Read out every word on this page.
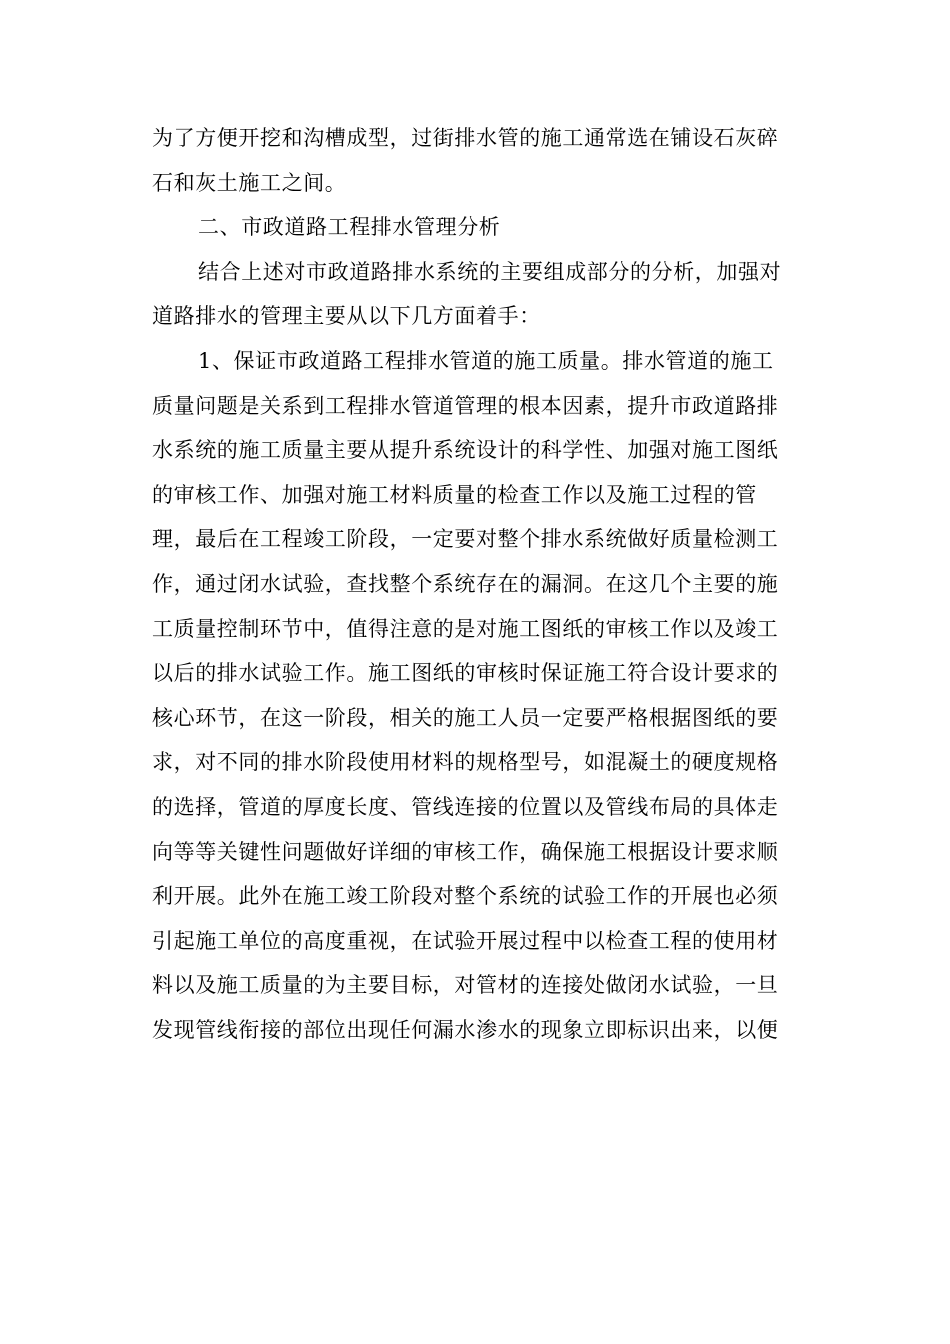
为了方便开挖和沟槽成型，过街排水管的施工通常选在铺设石灰碎
石和灰土施工之间。
二、市政道路工程排水管理分析
结合上述对市政道路排水系统的主要组成部分的分析，加强对
道路排水的管理主要从以下几方面着手：
1、保证市政道路工程排水管道的施工质量。排水管道的施工
质量问题是关系到工程排水管道管理的根本因素，提升市政道路排
水系统的施工质量主要从提升系统设计的科学性、加强对施工图纸
的审核工作、加强对施工材料质量的检查工作以及施工过程的管
理，最后在工程竣工阶段，一定要对整个排水系统做好质量检测工
作，通过闭水试验，查找整个系统存在的漏洞。在这几个主要的施
工质量控制环节中，值得注意的是对施工图纸的审核工作以及竣工
以后的排水试验工作。施工图纸的审核时保证施工符合设计要求的
核心环节，在这一阶段，相关的施工人员一定要严格根据图纸的要
求，对不同的排水阶段使用材料的规格型号，如混凝土的硬度规格
的选择，管道的厚度长度、管线连接的位置以及管线布局的具体走
向等等关键性问题做好详细的审核工作，确保施工根据设计要求顺
利开展。此外在施工竣工阶段对整个系统的试验工作的开展也必须
引起施工单位的高度重视，在试验开展过程中以检查工程的使用材
料以及施工质量的为主要目标，对管材的连接处做闭水试验，一旦
发现管线衔接的部位出现任何漏水渗水的现象立即标识出来，以便
